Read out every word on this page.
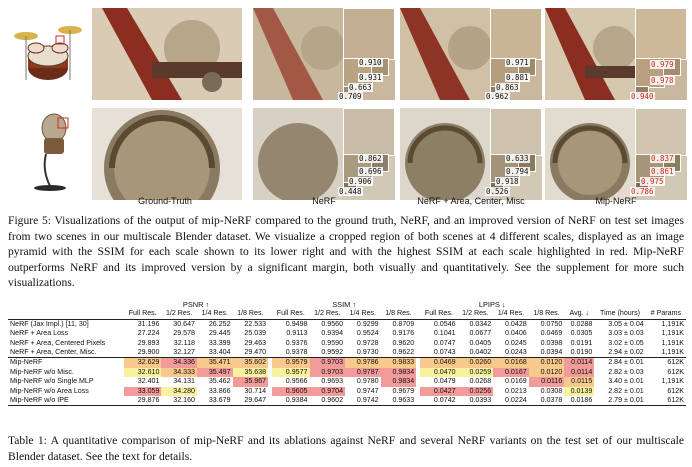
Ground-Truth
0.910
0.931
0.663
0.709
0.862
0.696
0.906
0.448
NeRF
0.971
0.881
0.863
0.962
0.633
0.794
0.918
0.526
NeRF + Area, Center, Misc
0.979
0.978
0.940
0.837
0.861
0.975
0.786
Mip-NeRF
Figure 5: Visualizations of the output of mip-NeRF compared to the ground truth, NeRF, and an improved version of NeRF on test set images from two scenes in our multiscale Blender dataset. We visualize a cropped region of both scenes at 4 different scales, displayed as an image pyramid with the SSIM for each scale shown to its lower right and with the highest SSIM at each scale highlighted in red. Mip-NeRF outperforms NeRF and its improved version by a significant margin, both visually and quantitatively. See the supplement for more such visualizations.
	PSNR ↑					SSIM ↑					LPIPS ↓						
	Full Res.	1/2 Res.	1/4 Res.	1/8 Res.		Full Res.	1/2 Res.	1/4 Res.	1/8 Res.		Full Res.	1/2 Res.	1/4 Res.	1/8 Res.	Avg. ↓	Time (hours)	# Params
NeRF (Jax Impl.) [11, 30]	31.196	30.647	26.252	22.533		0.9498	0.9560	0.9299	0.8709		0.0546	0.0342	0.0428	0.0750	0.0288	3.05 ± 0.04	1,191K
NeRF + Area Loss	27.224	29.578	29.445	25.039		0.9113	0.9394	0.9524	0.9176		0.1041	0.0677	0.0406	0.0469	0.0305	3.03 ± 0.03	1,191K
NeRF + Area, Centered Pixels	29.893	32.118	33.399	29.463		0.9376	0.9590	0.9728	0.9620		0.0747	0.0405	0.0245	0.0398	0.0191	3.02 ± 0.05	1,191K
NeRF + Area, Center, Misc.	29.900	32.127	33.404	29.470		0.9378	0.9592	0.9730	0.9622		0.0743	0.0402	0.0243	0.0394	0.0190	2.94 ± 0.02	1,191K
Mip-NeRF	32.629	34.336	35.471	35.602		0.9579	0.9703	0.9786	0.9833		0.0469	0.0260	0.0168	0.0120	0.0114	2.84 ± 0.01	612K
Mip-NeRF w/o Misc.	32.610	34.333	35.497	35.638		0.9577	0.9703	0.9787	0.9834		0.0470	0.0259	0.0167	0.0120	0.0114	2.82 ± 0.03	612K
Mip-NeRF w/o Single MLP	32.401	34.131	35.462	35.967		0.9566	0.9693	0.9780	0.9834		0.0479	0.0268	0.0169	0.0116	0.0115	3.40 ± 0.01	1,191K
Mip-NeRF w/o Area Loss	33.059	34.280	33.866	30.714		0.9605	0.9704	0.9747	0.9679		0.0427	0.0256	0.0213	0.0308	0.0139	2.82 ± 0.01	612K
Mip-NeRF w/o IPE	29.876	32.160	33.679	29.647		0.9384	0.9602	0.9742	0.9633		0.0742	0.0393	0.0224	0.0378	0.0186	2.79 ± 0.01	612K
Table 1: A quantitative comparison of mip-NeRF and its ablations against NeRF and several NeRF variants on the test set of our multiscale Blender dataset. See the text for details.
